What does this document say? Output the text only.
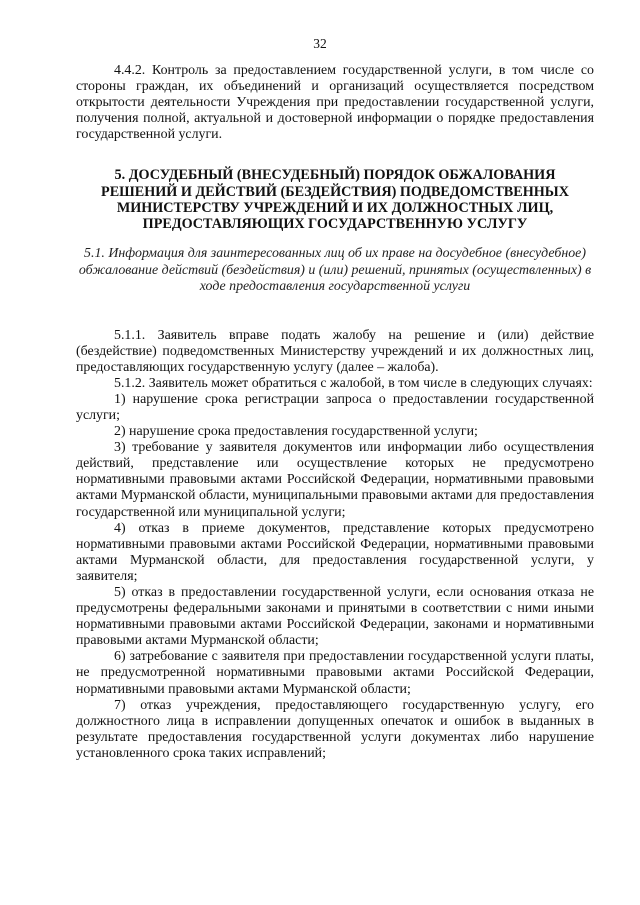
32

4.4.2. Контроль за предоставлением государственной услуги, в том числе со стороны граждан, их объединений и организаций осуществляется посредством открытости деятельности Учреждения при предоставлении государственной услуги, получения полной, актуальной и достоверной информации о порядке предоставления государственной услуги.

5. ДОСУДЕБНЫЙ (ВНЕСУДЕБНЫЙ) ПОРЯДОК ОБЖАЛОВАНИЯ РЕШЕНИЙ И ДЕЙСТВИЙ (БЕЗДЕЙСТВИЯ) ПОДВЕДОМСТВЕННЫХ МИНИСТЕРСТВУ УЧРЕЖДЕНИЙ И ИХ ДОЛЖНОСТНЫХ ЛИЦ, ПРЕДОСТАВЛЯЮЩИХ ГОСУДАРСТВЕННУЮ УСЛУГУ
5.1. Информация для заинтересованных лиц об их праве на досудебное (внесудебное) обжалование действий (бездействия) и (или) решений, принятых (осуществленных) в ходе предоставления государственной услуги

5.1.1. Заявитель вправе подать жалобу на решение и (или) действие (бездействие) подведомственных Министерству учреждений и их должностных лиц, предоставляющих государственную услугу (далее – жалоба).

5.1.2. Заявитель может обратиться с жалобой, в том числе в следующих случаях:

1) нарушение срока регистрации запроса о предоставлении государственной услуги;

2) нарушение срока предоставления государственной услуги;

3) требование у заявителя документов или информации либо осуществления действий, представление или осуществление которых не предусмотрено нормативными правовыми актами Российской Федерации, нормативными правовыми актами Мурманской области, муниципальными правовыми актами для предоставления государственной или муниципальной услуги;

4) отказ в приеме документов, представление которых предусмотрено нормативными правовыми актами Российской Федерации, нормативными правовыми актами Мурманской области, для предоставления государственной услуги, у заявителя;

5) отказ в предоставлении государственной услуги, если основания отказа не предусмотрены федеральными законами и принятыми в соответствии с ними иными нормативными правовыми актами Российской Федерации, законами и нормативными правовыми актами Мурманской области;

6) затребование с заявителя при предоставлении государственной услуги платы, не предусмотренной нормативными правовыми актами Российской Федерации, нормативными правовыми актами Мурманской области;

7) отказ учреждения, предоставляющего государственную услугу, его должностного лица в исправлении допущенных опечаток и ошибок в выданных в результате предоставления государственной услуги документах либо нарушение установленного срока таких исправлений;
